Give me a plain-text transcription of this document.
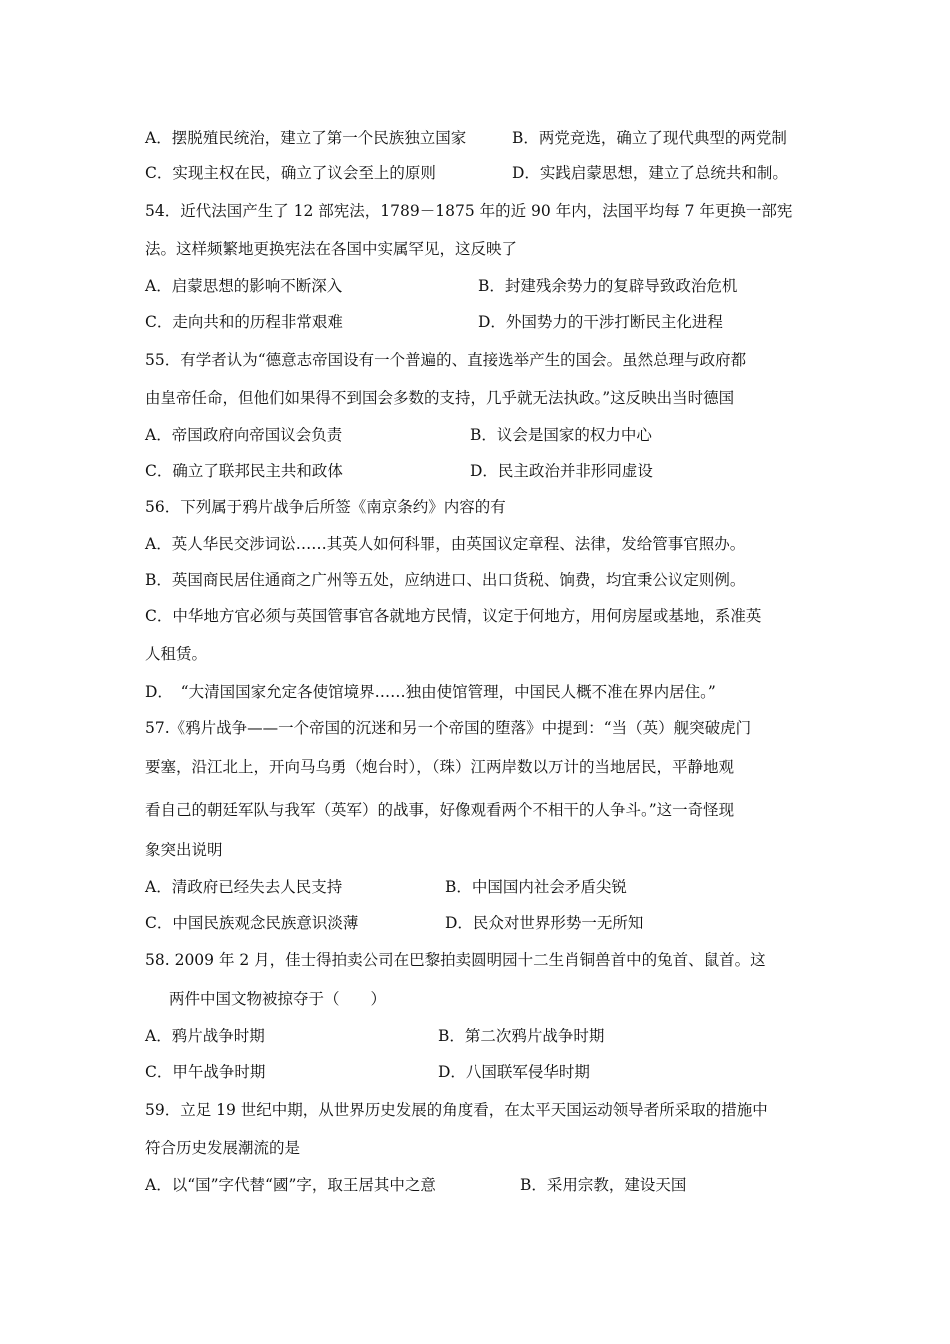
A．摆脱殖民统治，建立了第一个民族独立国家	B．两党竞选，确立了现代典型的两党制
C．实现主权在民，确立了议会至上的原则	D．实践启蒙思想，建立了总统共和制。
54．近代法国产生了 12 部宪法，1789－1875 年的近 90 年内，法国平均每 7 年更换一部宪
法。这样频繁地更换宪法在各国中实属罕见，这反映了
A．启蒙思想的影响不断深入	B．封建残余势力的复辟导致政治危机
C．走向共和的历程非常艰难	D．外国势力的干涉打断民主化进程
55．有学者认为“德意志帝国设有一个普遍的、直接选举产生的国会。虽然总理与政府都
由皇帝任命，但他们如果得不到国会多数的支持，几乎就无法执政。”这反映出当时德国
A．帝国政府向帝国议会负责	B．议会是国家的权力中心
C．确立了联邦民主共和政体	D．民主政治并非形同虚设
56．下列属于鸦片战争后所签《南京条约》内容的有
A．英人华民交涉词讼……其英人如何科罪，由英国议定章程、法律，发给管事官照办。
B．英国商民居住通商之广州等五处，应纳进口、出口货税、饷费，均宜秉公议定则例。
C．中华地方官必须与英国管事官各就地方民情，议定于何地方，用何房屋或基地，系准英
人租赁。
D．　“大清国国家允定各使馆境界……独由使馆管理，中国民人概不准在界内居住。”
57.《鸦片战争——一个帝国的沉迷和另一个帝国的堕落》中提到：“当（英）舰突破虎门
要塞，沿江北上，开向马乌勇（炮台时），（珠）江两岸数以万计的当地居民，平静地观
看自己的朝廷军队与我军（英军）的战事，好像观看两个不相干的人争斗。”这一奇怪现
象突出说明
A．清政府已经失去人民支持	B．中国国内社会矛盾尖锐
C．中国民族观念民族意识淡薄	D．民众对世界形势一无所知
58. 2009 年 2 月，佳士得拍卖公司在巴黎拍卖圆明园十二生肖铜兽首中的兔首、鼠首。这
两件中国文物被掠夺于（　　）
A．鸦片战争时期	B．第二次鸦片战争时期
C．甲午战争时期	D．八国联军侵华时期
59．立足 19 世纪中期，从世界历史发展的角度看，在太平天国运动领导者所采取的措施中
符合历史发展潮流的是
A．以“国”字代替“國”字，取王居其中之意	B．采用宗教，建设天国
